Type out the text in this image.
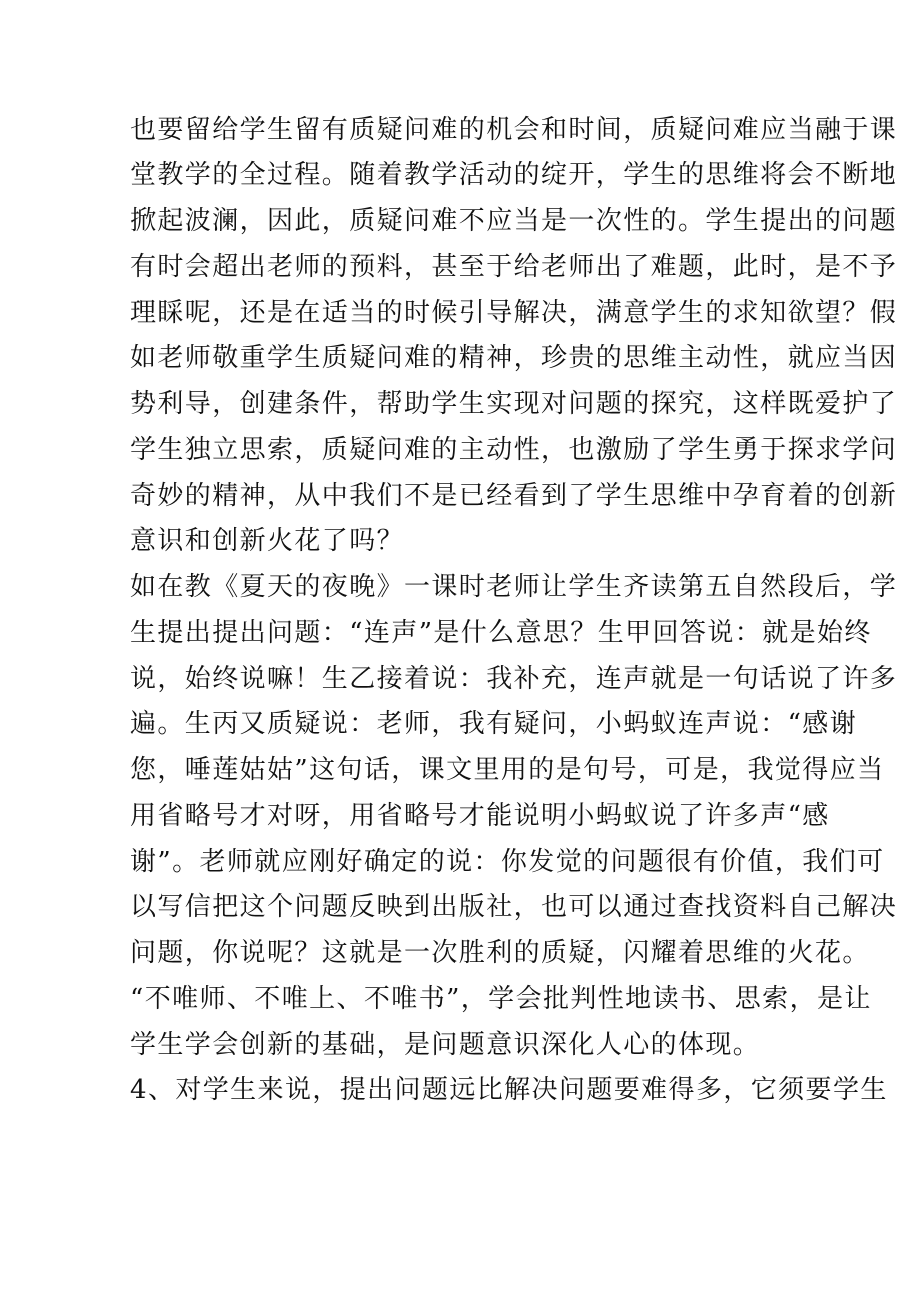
也要留给学生留有质疑问难的机会和时间，质疑问难应当融于课
堂教学的全过程。随着教学活动的绽开，学生的思维将会不断地
掀起波澜，因此，质疑问难不应当是一次性的。学生提出的问题
有时会超出老师的预料，甚至于给老师出了难题，此时，是不予
理睬呢，还是在适当的时候引导解决，满意学生的求知欲望？假
如老师敬重学生质疑问难的精神，珍贵的思维主动性，就应当因
势利导，创建条件，帮助学生实现对问题的探究，这样既爱护了
学生独立思索，质疑问难的主动性，也激励了学生勇于探求学问
奇妙的精神，从中我们不是已经看到了学生思维中孕育着的创新
意识和创新火花了吗？
如在教《夏天的夜晚》一课时老师让学生齐读第五自然段后，学
生提出提出问题：“连声”是什么意思？生甲回答说：就是始终
说，始终说嘛！生乙接着说：我补充，连声就是一句话说了许多
遍。生丙又质疑说：老师，我有疑问，小蚂蚁连声说：“感谢
您，唾莲姑姑”这句话，课文里用的是句号，可是，我觉得应当
用省略号才对呀，用省略号才能说明小蚂蚁说了许多声“感
谢”。老师就应刚好确定的说：你发觉的问题很有价值，我们可
以写信把这个问题反映到出版社，也可以通过查找资料自己解决
问题，你说呢？这就是一次胜利的质疑，闪耀着思维的火花。
“不唯师、不唯上、不唯书”，学会批判性地读书、思索，是让
学生学会创新的基础，是问题意识深化人心的体现。
4、对学生来说，提出问题远比解决问题要难得多，它须要学生
